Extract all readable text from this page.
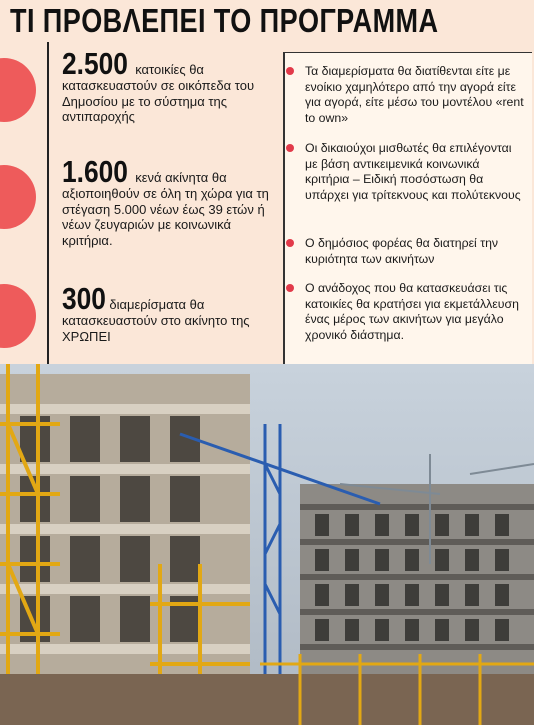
ΤΙ ΠΡΟΒΛΕΠΕΙ ΤΟ ΠΡΟΓΡΑΜΜΑ
2.500 κατοικίες θα κατασκευαστούν σε οικόπεδα του Δημοσίου με το σύστημα της αντιπαροχής
1.600 κενά ακίνητα θα αξιοποιηθούν σε όλη τη χώρα για τη στέγαση 5.000 νέων έως 39 ετών ή νέων ζευγαριών με κοινωνικά κριτήρια.
300 διαμερίσματα θα κατασκευαστούν στο ακίνητο της ΧΡΩΠΕΙ
Τα διαμερίσματα θα διατίθενται είτε με ενοίκιο χαμηλότερο από την αγορά είτε για αγορά, είτε μέσω του μοντέλου «rent to own»
Οι δικαιούχοι μισθωτές θα επιλέγονται με βάση αντικειμενικά κοινωνικά κριτήρια – Ειδική ποσόστωση θα υπάρχει για τρίτεκνους και πολύτεκνους
Ο δημόσιος φορέας θα διατηρεί την κυριότητα των ακινήτων
Ο ανάδοχος που θα κατασκευάσει τις κατοικίες θα κρατήσει για εκμετάλλευση ένας μέρος των ακινήτων για μεγάλο χρονικό διάστημα.
